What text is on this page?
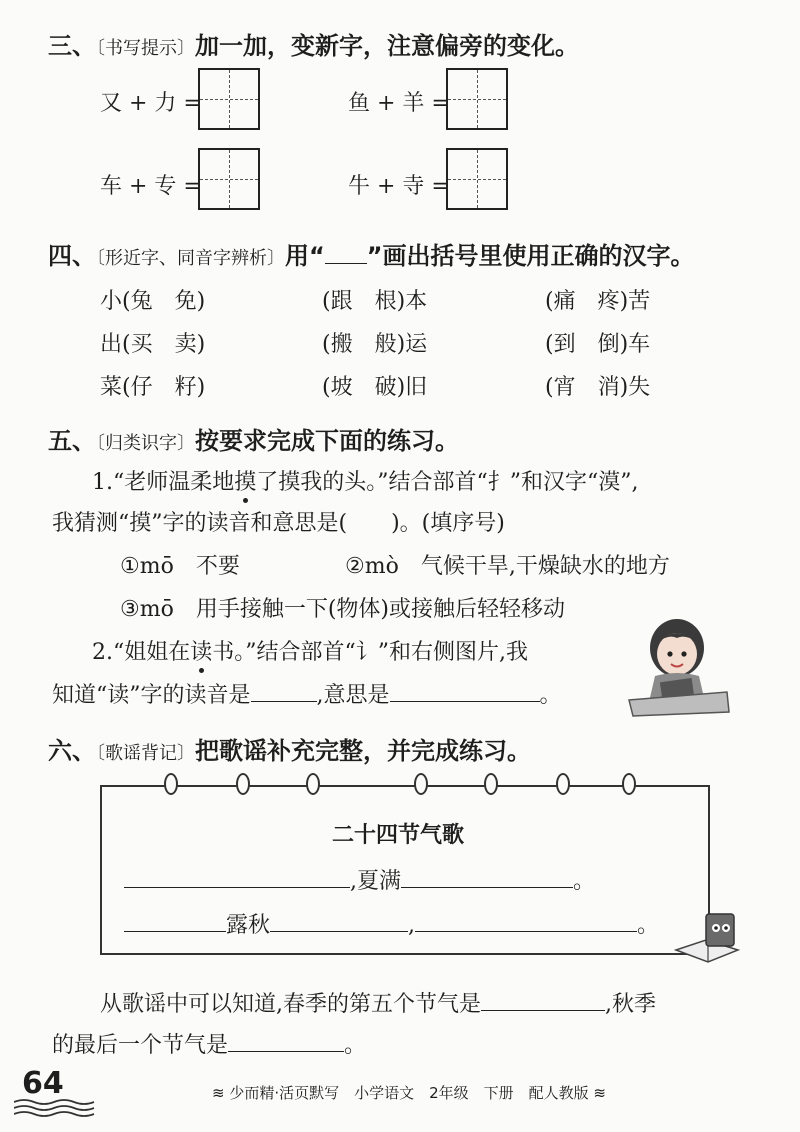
三、〔书写提示〕加一加，变新字，注意偏旁的变化。
又 + 力 =	鱼 + 羊 =
车 + 专 =	牛 + 寺 =
四、〔形近字、同音字辨析〕用“ ”画出括号里使用正确的汉字。
小(兔　免)	(跟　根)本	(痛　疼)苦
出(买　卖)	(搬　般)运	(到　倒)车
菜(仔　籽)	(坡　破)旧	(宵　消)失
五、〔归类识字〕按要求完成下面的练习。
1.“老师温柔地摸了摸我的头。”结合部首“扌”和汉字“漠”,
我猜测“摸”字的读音和意思是(　　)。(填序号)
①mō　不要	②mò　气候干旱,干燥缺水的地方
③mō　用手接触一下(物体)或接触后轻轻移动
2.“姐姐在读书。”结合部首“讠”和右侧图片,我
知道“读”字的读音是	,意思是	。
六、〔歌谣背记〕把歌谣补充完整，并完成练习。
二十四节气歌
,夏满	。
露秋	,	。
从歌谣中可以知道,春季的第五个节气是	,秋季
的最后一个节气是	。
64	≋ 少而精·活页默写　小学语文　2年级　下册　配人教版 ≋
